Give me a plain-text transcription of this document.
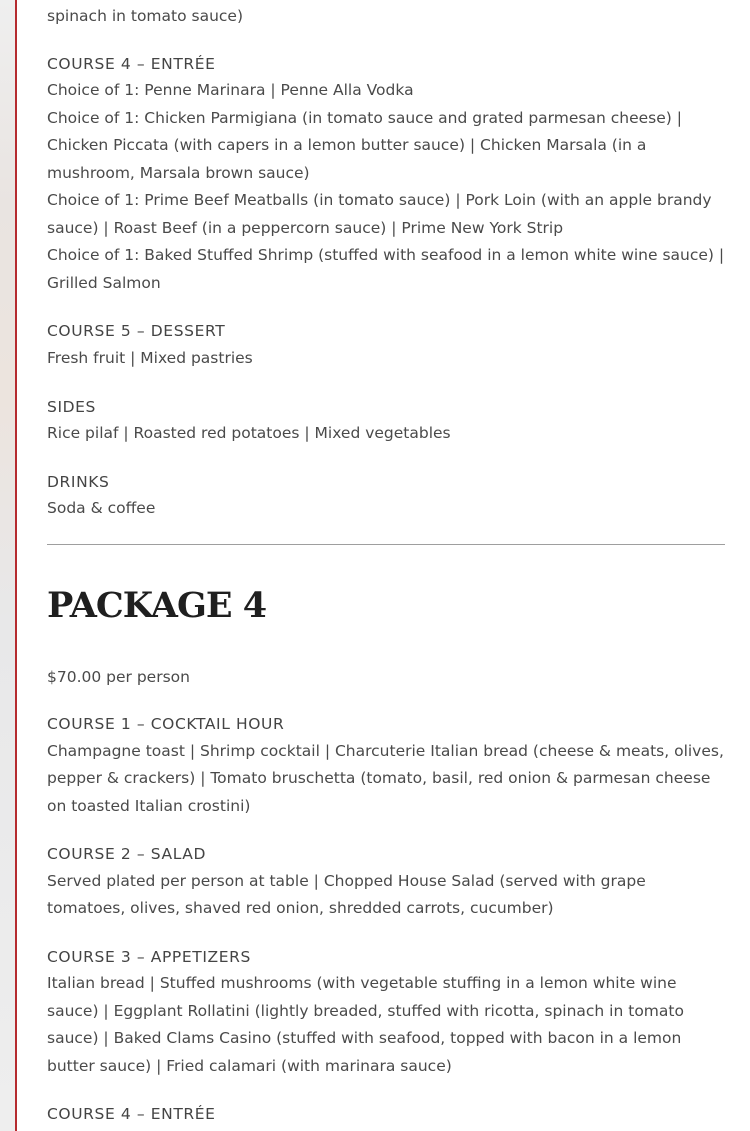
spinach in tomato sauce)
COURSE 4 – ENTRÉE
Choice of 1: Penne Marinara | Penne Alla Vodka
Choice of 1: Chicken Parmigiana (in tomato sauce and grated parmesan cheese) |
Chicken Piccata (with capers in a lemon butter sauce) | Chicken Marsala (in a
mushroom, Marsala brown sauce)
Choice of 1: Prime Beef Meatballs (in tomato sauce) | Pork Loin (with an apple brandy
sauce) | Roast Beef (in a peppercorn sauce) | Prime New York Strip
Choice of 1: Baked Stuffed Shrimp (stuffed with seafood in a lemon white wine sauce) |
Grilled Salmon
COURSE 5 – DESSERT
Fresh fruit | Mixed pastries
SIDES
Rice pilaf | Roasted red potatoes | Mixed vegetables
DRINKS
Soda & coffee
PACKAGE 4
$70.00 per person
COURSE 1 – COCKTAIL HOUR
Champagne toast | Shrimp cocktail | Charcuterie Italian bread (cheese & meats, olives,
pepper & crackers) | Tomato bruschetta (tomato, basil, red onion & parmesan cheese
on toasted Italian crostini)
COURSE 2 – SALAD
Served plated per person at table | Chopped House Salad (served with grape
tomatoes, olives, shaved red onion, shredded carrots, cucumber)
COURSE 3 – APPETIZERS
Italian bread | Stuffed mushrooms (with vegetable stuffing in a lemon white wine
sauce) | Eggplant Rollatini (lightly breaded, stuffed with ricotta, spinach in tomato
sauce) | Baked Clams Casino (stuffed with seafood, topped with bacon in a lemon
butter sauce) | Fried calamari (with marinara sauce)
COURSE 4 – ENTRÉE
